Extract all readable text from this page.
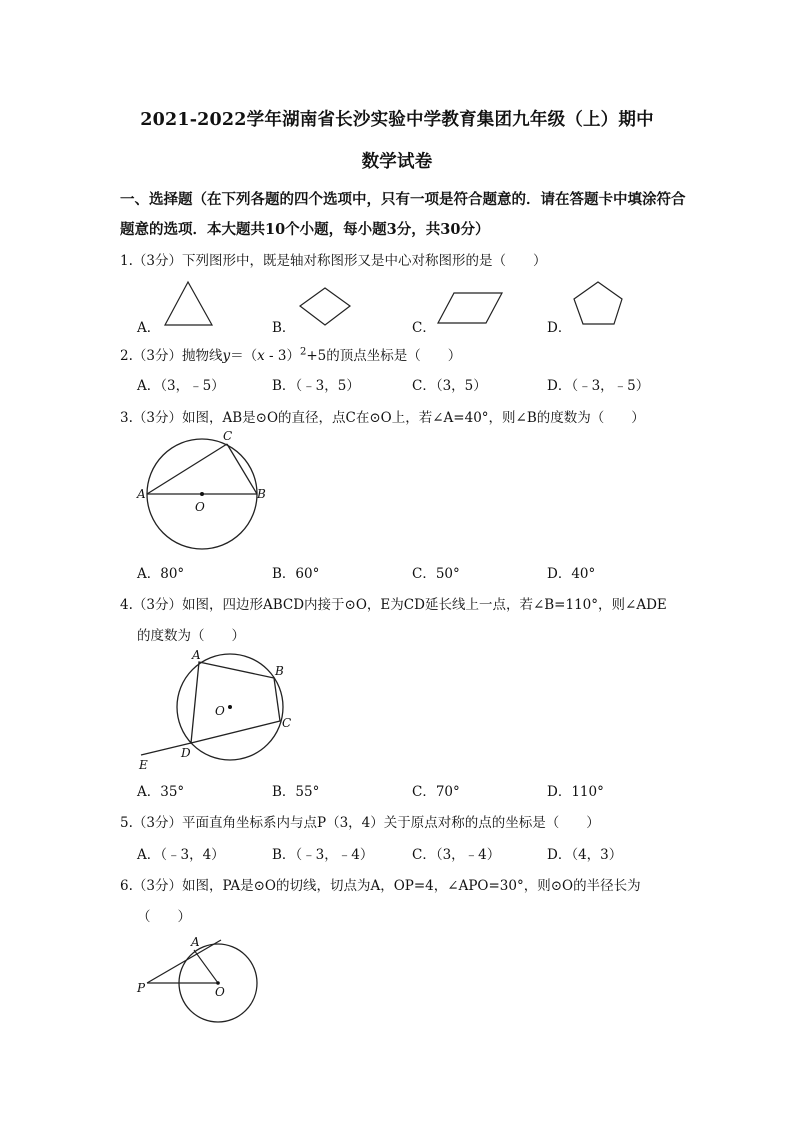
2021-2022学年湖南省长沙实验中学教育集团九年级（上）期中
数学试卷
一、选择题（在下列各题的四个选项中，只有一项是符合题意的．请在答题卡中填涂符合
题意的选项．本大题共10个小题，每小题3分，共30分）
1.（3分）下列图形中，既是轴对称图形又是中心对称图形的是（　　）
A．	B．	C．	D．
2.（3分）抛物线y＝（x - 3）$^2$+5的顶点坐标是（　　）
A．（3，﹣5）	B．（﹣3，5）	C．（3，5）	D．（﹣3，﹣5）
3.（3分）如图，AB是⊙O的直径，点C在⊙O上，若∠A=40°，则∠B的度数为（　　）
A	B
C
O
A．80°	B．60°	C．50°	D．40°
4.（3分）如图，四边形ABCD内接于⊙O，E为CD延长线上一点，若∠B=110°，则∠ADE
的度数为（　　）
A
B
C
D
E
O
A．35°	B．55°	C．70°	D．110°
5.（3分）平面直角坐标系内与点P（3，4）关于原点对称的点的坐标是（　　）
A．（﹣3，4）	B．（﹣3，﹣4）	C．（3，﹣4）	D．（4，3）
6.（3分）如图，PA是⊙O的切线，切点为A，OP=4，∠APO=30°，则⊙O的半径长为
（　　）
A
P	O
